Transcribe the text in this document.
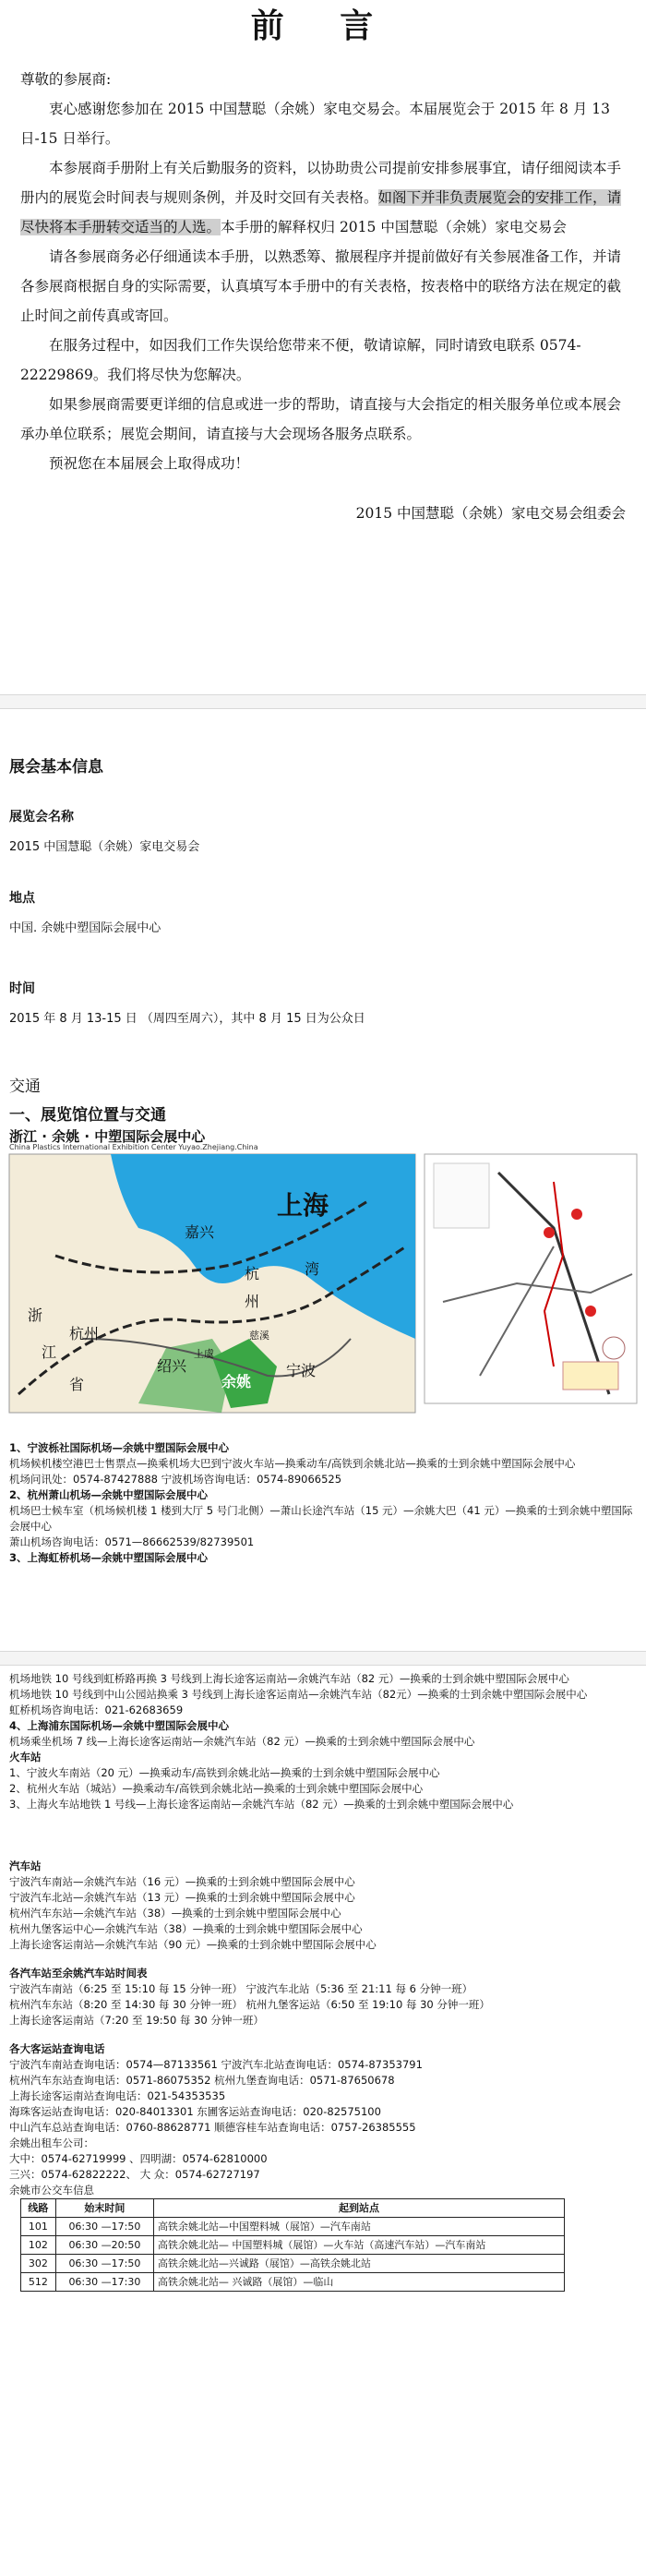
前 言

尊敬的参展商:

衷心感谢您参加在 2015 中国慧聪（余姚）家电交易会。本届展览会于 2015 年 8 月 13 日-15 日举行。

本参展商手册附上有关后勤服务的资料，以协助贵公司提前安排参展事宜，请仔细阅读本手册内的展览会时间表与规则条例，并及时交回有关表格。如阁下并非负责展览会的安排工作，请尽快将本手册转交适当的人选。本手册的解释权归 2015 中国慧聪（余姚）家电交易会

请各参展商务必仔细通读本手册，以熟悉筹、撤展程序并提前做好有关参展准备工作，并请各参展商根据自身的实际需要，认真填写本手册中的有关表格，按表格中的联络方法在规定的截止时间之前传真或寄回。

在服务过程中，如因我们工作失误给您带来不便，敬请谅解，同时请致电联系 0574-22229869。我们将尽快为您解决。

如果参展商需要更详细的信息或进一步的帮助，请直接与大会指定的相关服务单位或本展会承办单位联系；展览会期间，请直接与大会现场各服务点联系。

预祝您在本届展会上取得成功！

2015 中国慧聪（余姚）家电交易会组委会

展会基本信息

展览会名称
2015 中国慧聪（余姚）家电交易会
地点
中国. 余姚中塑国际会展中心
时间
2015 年 8 月 13-15 日 （周四至周六），其中 8 月 15 日为公众日

交通

一、展览馆位置与交通

浙江 · 余姚 · 中塑国际会展中心
China Plastics International Exhibition Center Yuyao.Zhejiang.China
上海
嘉兴
杭
州
湾
杭州
浙
江
省
绍兴
余姚
宁波
慈溪
上虞
1、宁波栎社国际机场—余姚中塑国际会展中心
机场候机楼空港巴士售票点—换乘机场大巴到宁波火车站—换乘动车/高铁到余姚北站—换乘的士到余姚中塑国际会展中心
机场问讯处：0574-87427888 宁波机场咨询电话：0574-89066525
2、杭州萧山机场—余姚中塑国际会展中心
机场巴士候车室（机场候机楼 1 楼到大厅 5 号门北侧）—萧山长途汽车站（15 元）—余姚大巴（41 元）—换乘的士到余姚中塑国际会展中心
萧山机场咨询电话：0571—86662539/82739501
3、上海虹桥机场—余姚中塑国际会展中心
机场地铁 10 号线到虹桥路再换 3 号线到上海长途客运南站—余姚汽车站（82 元）—换乘的士到余姚中塑国际会展中心
机场地铁 10 号线到中山公园站换乘 3 号线到上海长途客运南站—余姚汽车站（82元）—换乘的士到余姚中塑国际会展中心
虹桥机场咨询电话：021-62683659
4、上海浦东国际机场—余姚中塑国际会展中心
机场乘坐机场 7 线—上海长途客运南站—余姚汽车站（82 元）—换乘的士到余姚中塑国际会展中心
火车站
1、宁波火车南站（20 元）—换乘动车/高铁到余姚北站—换乘的士到余姚中塑国际会展中心
2、杭州火车站（城站）—换乘动车/高铁到余姚北站—换乘的士到余姚中塑国际会展中心
3、上海火车站地铁 1 号线—上海长途客运南站—余姚汽车站（82 元）—换乘的士到余姚中塑国际会展中心
汽车站
宁波汽车南站—余姚汽车站（16 元）—换乘的士到余姚中塑国际会展中心
宁波汽车北站—余姚汽车站（13 元）—换乘的士到余姚中塑国际会展中心
杭州汽车东站—余姚汽车站（38）—换乘的士到余姚中塑国际会展中心
杭州九堡客运中心—余姚汽车站（38）—换乘的士到余姚中塑国际会展中心
上海长途客运南站—余姚汽车站（90 元）—换乘的士到余姚中塑国际会展中心
各汽车站至余姚汽车站时间表
宁波汽车南站（6:25 至 15:10 每 15 分钟一班） 宁波汽车北站（5:36 至 21:11 每 6 分钟一班）
杭州汽车东站（8:20 至 14:30 每 30 分钟一班） 杭州九堡客运站（6:50 至 19:10 每 30 分钟一班）
上海长途客运南站（7:20 至 19:50 每 30 分钟一班）
各大客运站查询电话
宁波汽车南站查询电话：0574—87133561 宁波汽车北站查询电话：0574-87353791
杭州汽车东站查询电话：0571-86075352 杭州九堡查询电话：0571-87650678
上海长途客运南站查询电话：021-54353535
海珠客运站查询电话：020-84013301 东圃客运站查询电话：020-82575100
中山汽车总站查询电话：0760-88628771 顺德容桂车站查询电话：0757-26385555
余姚出租车公司：
大中：0574-62719999 、四明湖：0574-62810000
三兴：0574-62822222、 大 众：0574-62727197
余姚市公交车信息
线路	始末时间	起到站点
101	06:30 —17:50	高铁余姚北站—中国塑料城（展馆）—汽车南站
102	06:30 —20:50	高铁余姚北站— 中国塑料城（展馆）—火车站（高速汽车站）—汽车南站
302	06:30 —17:50	高铁余姚北站—兴诚路（展馆）—高铁余姚北站
512	06:30 —17:30	高铁余姚北站— 兴诚路（展馆）—临山
